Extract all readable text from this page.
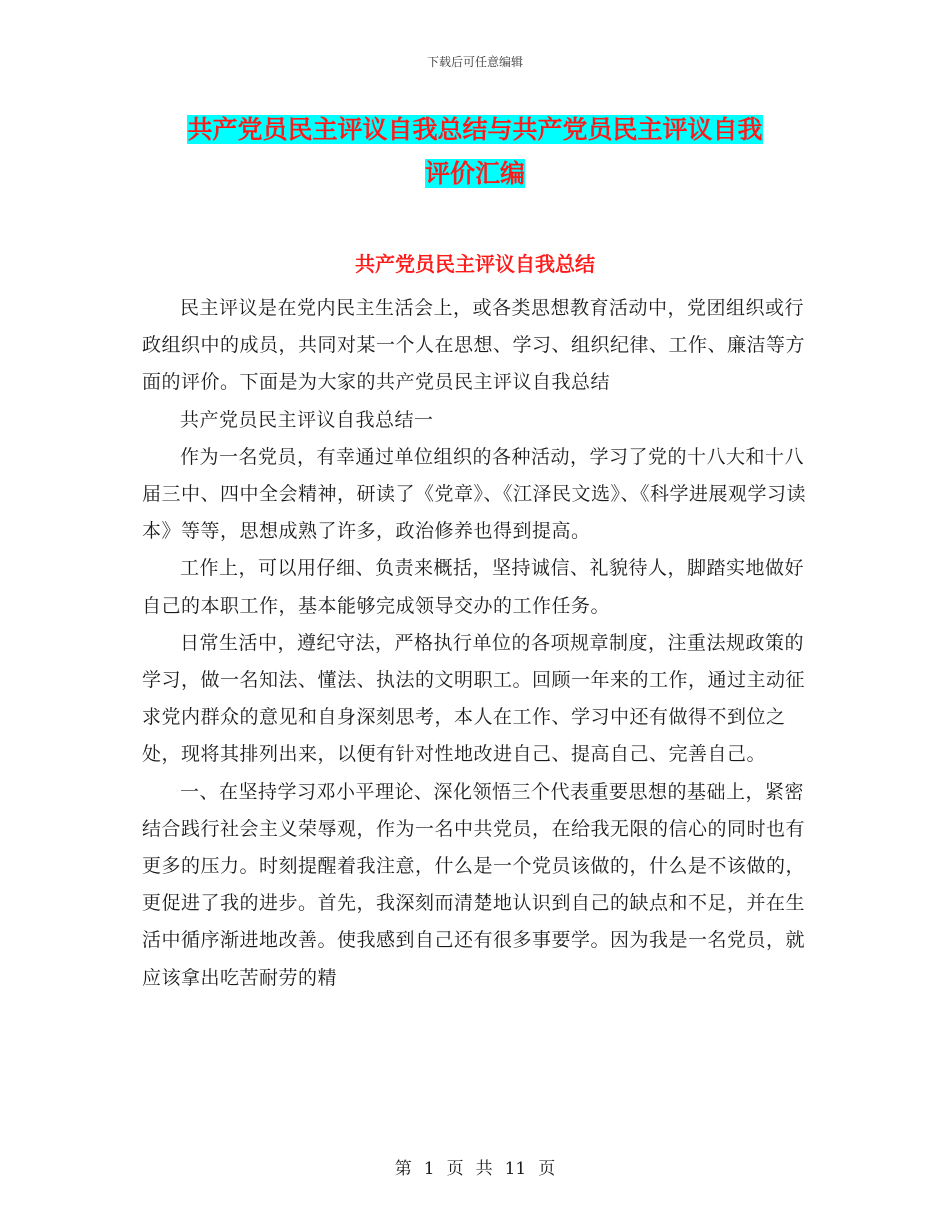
下载后可任意编辑
共产党员民主评议自我总结与共产党员民主评议自我
评价汇编
共产党员民主评议自我总结

民主评议是在党内民主生活会上，或各类思想教育活动中，党团组织或行政组织中的成员，共同对某一个人在思想、学习、组织纪律、工作、廉洁等方面的评价。下面是为大家的共产党员民主评议自我总结

共产党员民主评议自我总结一

作为一名党员，有幸通过单位组织的各种活动，学习了党的十八大和十八届三中、四中全会精神，研读了《党章》、《江泽民文选》、《科学进展观学习读本》等等，思想成熟了许多，政治修养也得到提高。

工作上，可以用仔细、负责来概括，坚持诚信、礼貌待人，脚踏实地做好自己的本职工作，基本能够完成领导交办的工作任务。

日常生活中，遵纪守法，严格执行单位的各项规章制度，注重法规政策的学习，做一名知法、懂法、执法的文明职工。回顾一年来的工作，通过主动征求党内群众的意见和自身深刻思考，本人在工作、学习中还有做得不到位之处，现将其排列出来，以便有针对性地改进自己、提高自己、完善自己。

一、在坚持学习邓小平理论、深化领悟三个代表重要思想的基础上，紧密结合践行社会主义荣辱观，作为一名中共党员，在给我无限的信心的同时也有更多的压力。时刻提醒着我注意，什么是一个党员该做的，什么是不该做的，更促进了我的进步。首先，我深刻而清楚地认识到自己的缺点和不足，并在生活中循序渐进地改善。使我感到自己还有很多事要学。因为我是一名党员，就应该拿出吃苦耐劳的精

第 1 页 共 11 页
